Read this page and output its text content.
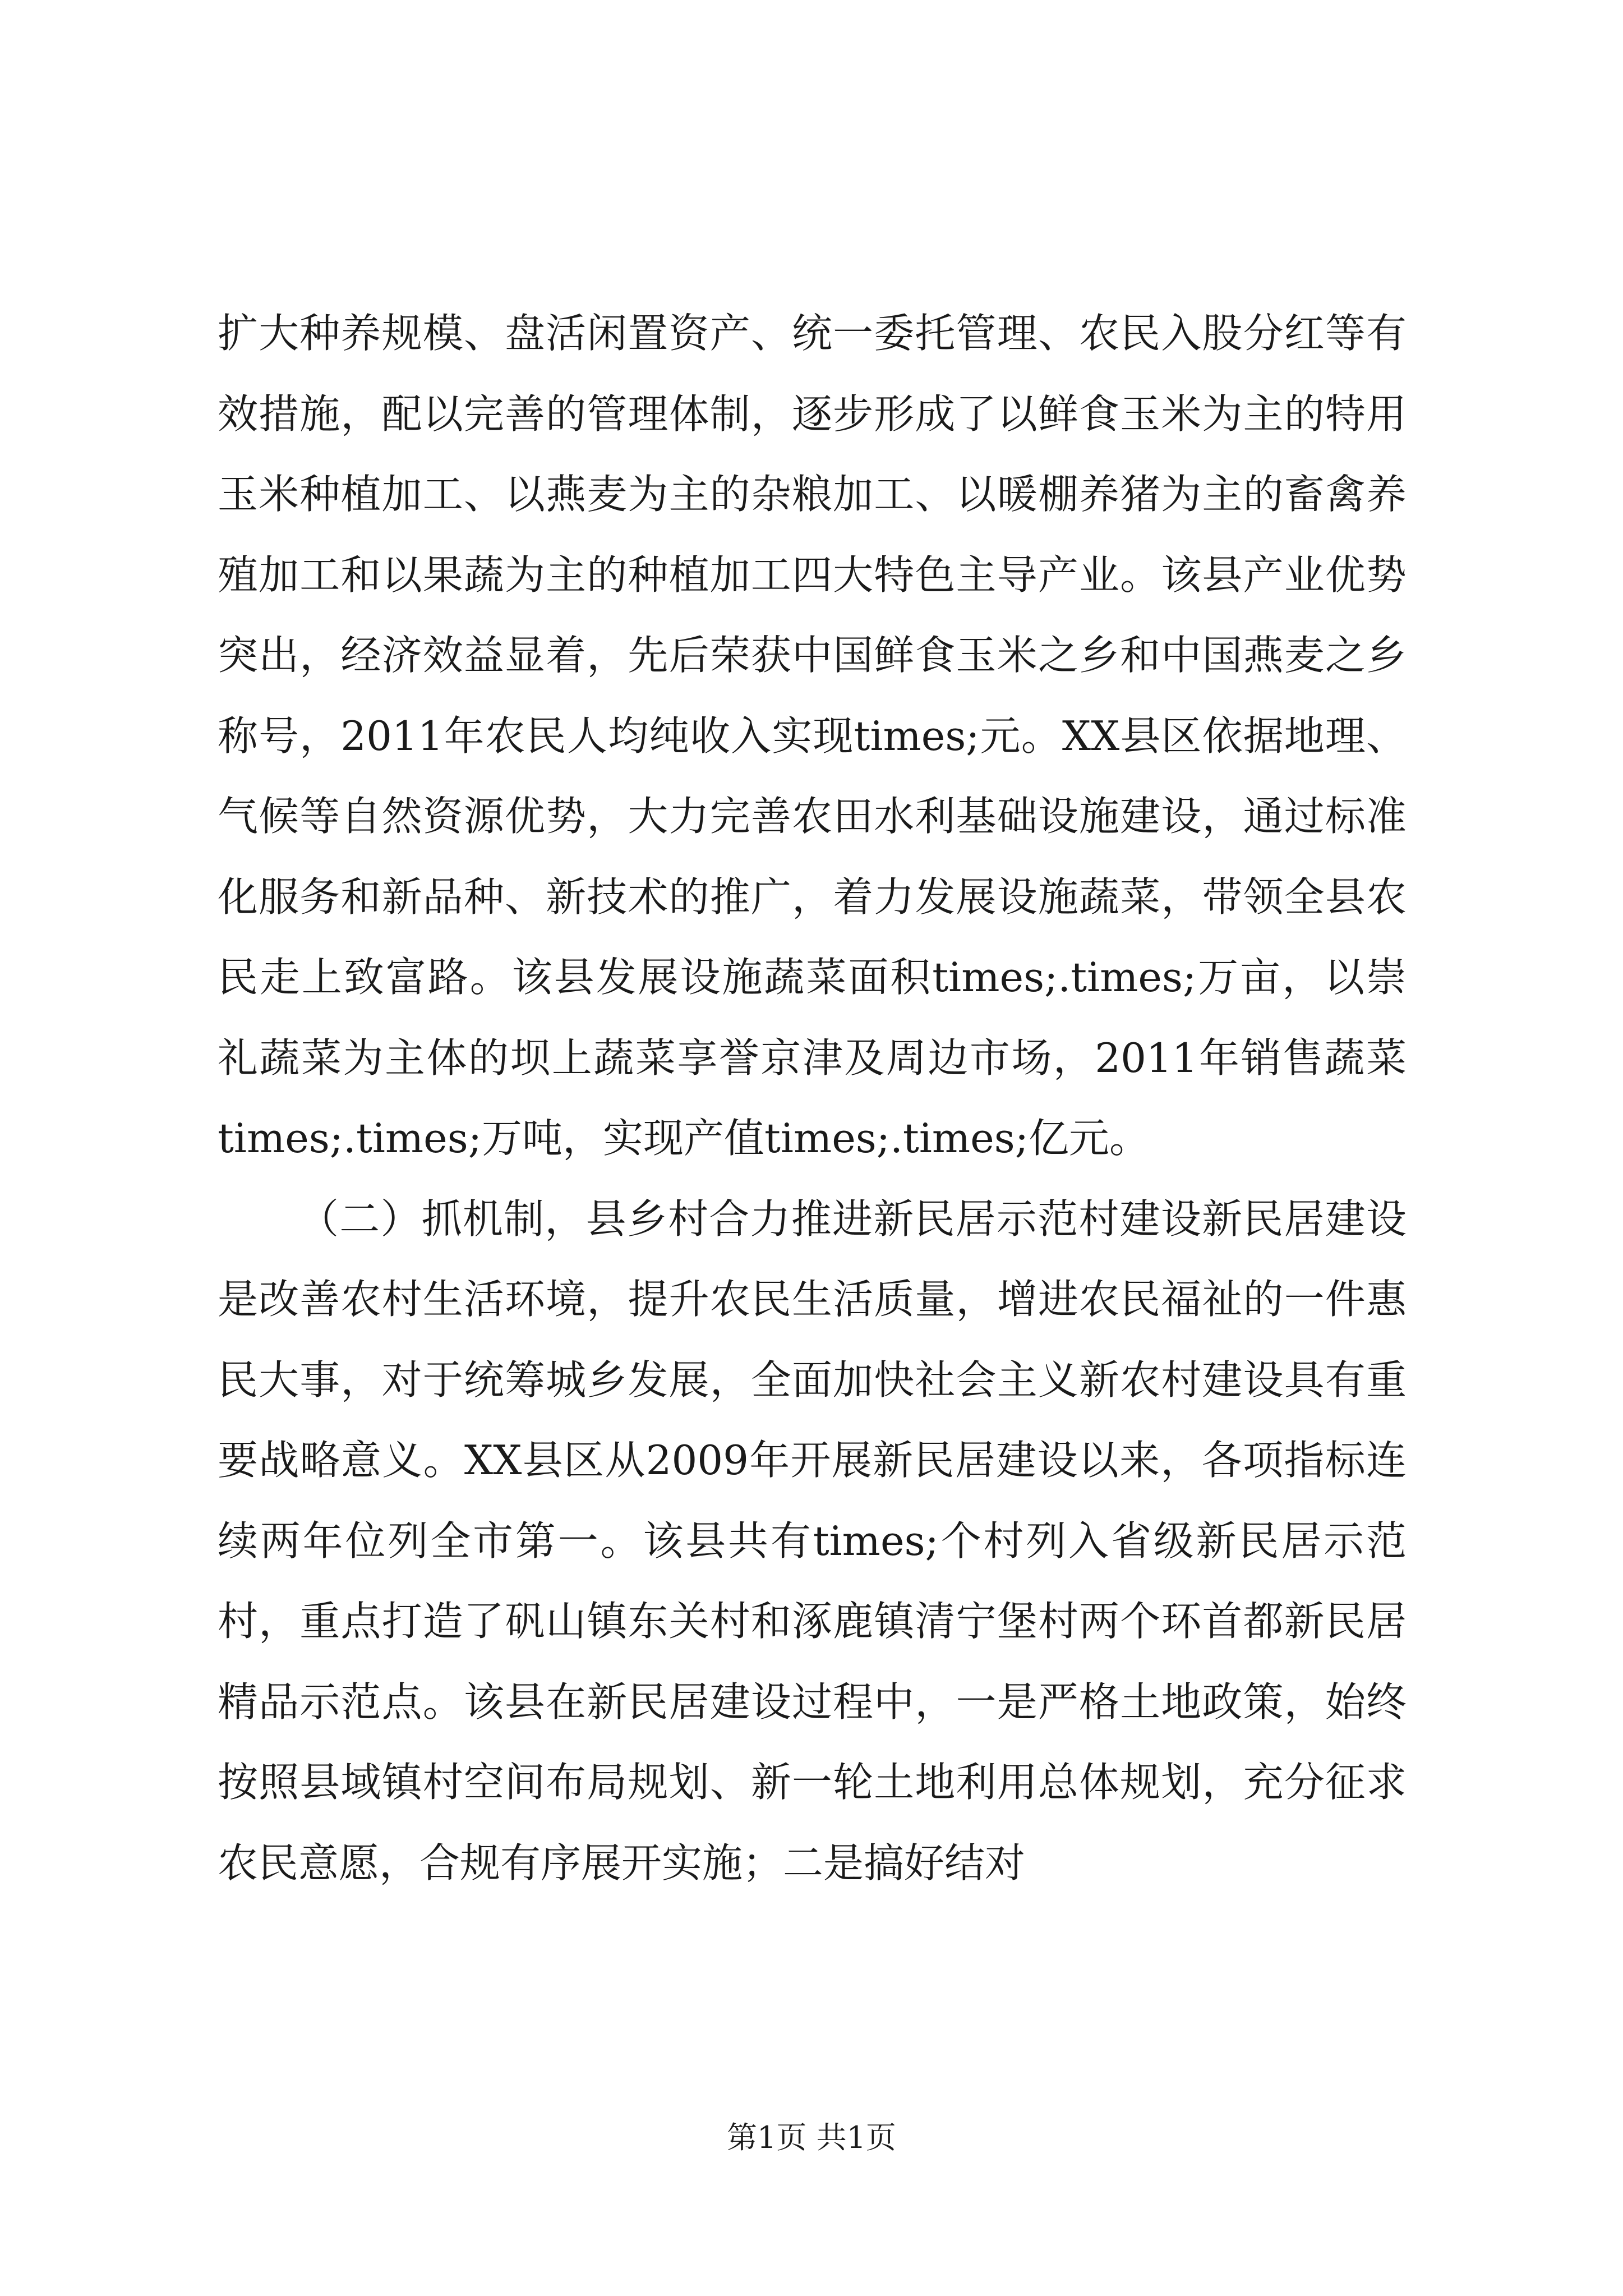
扩大种养规模、盘活闲置资产、统一委托管理、农民入股分红等有效措施，配以完善的管理体制，逐步形成了以鲜食玉米为主的特用玉米种植加工、以燕麦为主的杂粮加工、以暖棚养猪为主的畜禽养殖加工和以果蔬为主的种植加工四大特色主导产业。该县产业优势突出，经济效益显着，先后荣获中国鲜食玉米之乡和中国燕麦之乡称号，2011年农民人均纯收入实现times;元。XX县区依据地理、气候等自然资源优势，大力完善农田水利基础设施建设，通过标准化服务和新品种、新技术的推广，着力发展设施蔬菜，带领全县农民走上致富路。该县发展设施蔬菜面积times;.times;万亩，以崇礼蔬菜为主体的坝上蔬菜享誉京津及周边市场，2011年销售蔬菜times;.times;万吨，实现产值times;.times;亿元。

（二）抓机制，县乡村合力推进新民居示范村建设新民居建设是改善农村生活环境，提升农民生活质量，增进农民福祉的一件惠民大事，对于统筹城乡发展，全面加快社会主义新农村建设具有重要战略意义。XX县区从2009年开展新民居建设以来，各项指标连续两年位列全市第一。该县共有times;个村列入省级新民居示范村，重点打造了矾山镇东关村和涿鹿镇清宁堡村两个环首都新民居精品示范点。该县在新民居建设过程中，一是严格土地政策，始终按照县域镇村空间布局规划、新一轮土地利用总体规划，充分征求农民意愿，合规有序展开实施；二是搞好结对

第1页 共1页
